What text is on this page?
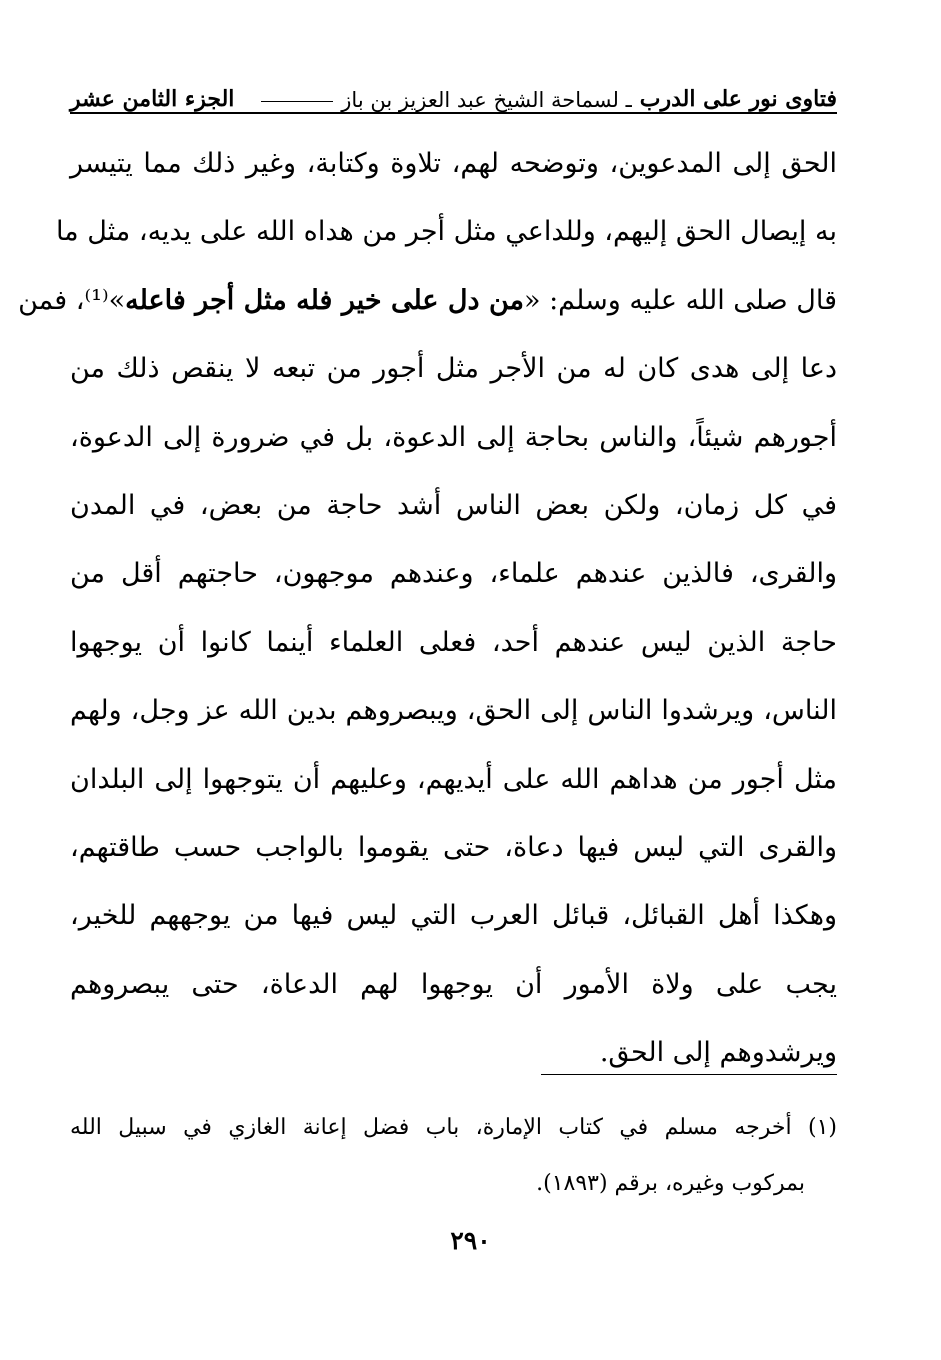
فتاوى نور على الدرب
ـ لسماحة الشيخ عبد العزيز بن باز
الجزء الثامن عشر
الحق إلى المدعوين، وتوضحه لهم، تلاوة وكتابة، وغير ذلك مما يتيسر
به إيصال الحق إليهم، وللداعي مثل أجر من هداه الله على يديه، مثل ما
قال صلى الله عليه وسلم: «من دل على خير فله مثل أجر فاعله»⁽¹⁾، فمن
دعا إلى هدى كان له من الأجر مثل أجور من تبعه لا ينقص ذلك من
أجورهم شيئاً، والناس بحاجة إلى الدعوة، بل في ضرورة إلى الدعوة،
في كل زمان، ولكن بعض الناس أشد حاجة من بعض، في المدن
والقرى، فالذين عندهم علماء، وعندهم موجهون، حاجتهم أقل من
حاجة الذين ليس عندهم أحد، فعلى العلماء أينما كانوا أن يوجهوا
الناس، ويرشدوا الناس إلى الحق، ويبصروهم بدين الله عز وجل، ولهم
مثل أجور من هداهم الله على أيديهم، وعليهم أن يتوجهوا إلى البلدان
والقرى التي ليس فيها دعاة، حتى يقوموا بالواجب حسب طاقتهم،
وهكذا أهل القبائل، قبائل العرب التي ليس فيها من يوجههم للخير،
يجب على ولاة الأمور أن يوجهوا لهم الدعاة، حتى يبصروهم
ويرشدوهم إلى الحق.
(١) أخرجه مسلم في كتاب الإمارة، باب فضل إعانة الغازي في سبيل الله
بمركوب وغيره، برقم (١٨٩٣).
٢٩٠
